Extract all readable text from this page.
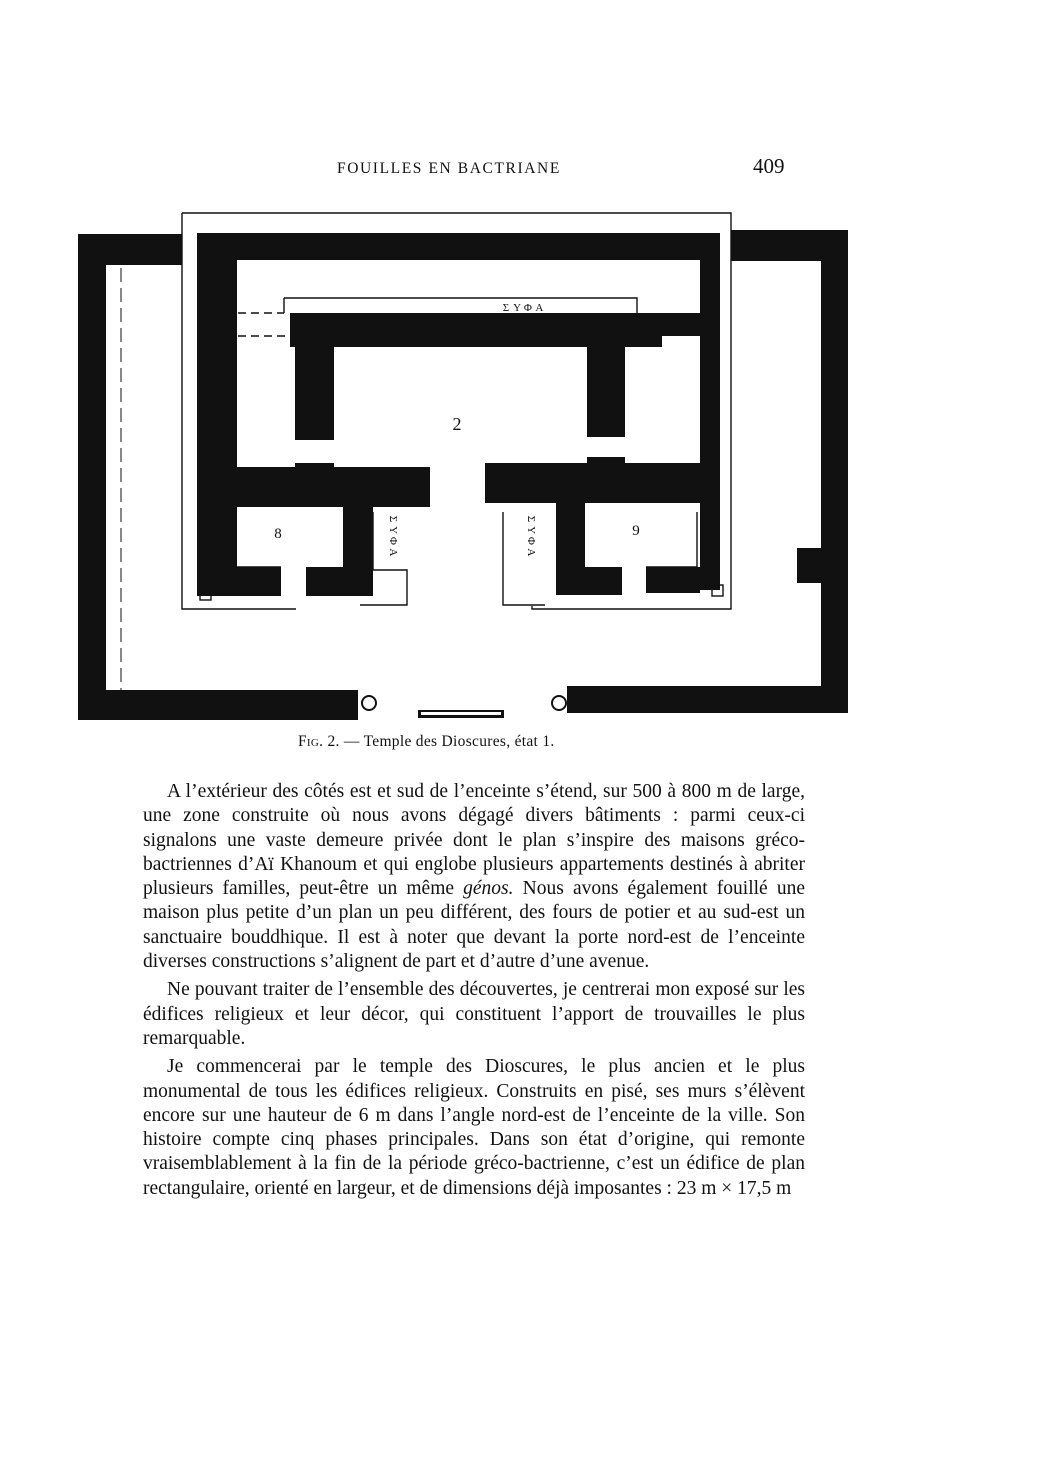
FOUILLES EN BACTRIANE	409
2
8	9
ΣΥΦΑ
ΣΥΦΑ	ΣΥΦΑ
Fig. 2. — Temple des Dioscures, état 1.

A l’extérieur des côtés est et sud de l’enceinte s’étend, sur 500 à 800 m de large, une zone construite où nous avons dégagé divers bâtiments : parmi ceux-ci signalons une vaste demeure privée dont le plan s’inspire des maisons gréco-bactriennes d’Aï Khanoum et qui englobe plusieurs appartements destinés à abriter plusieurs familles, peut-être un même génos. Nous avons également fouillé une maison plus petite d’un plan un peu différent, des fours de potier et au sud-est un sanctuaire bouddhique. Il est à noter que devant la porte nord-est de l’enceinte diverses constructions s’alignent de part et d’autre d’une avenue.

Ne pouvant traiter de l’ensemble des découvertes, je centrerai mon exposé sur les édifices religieux et leur décor, qui constituent l’apport de trouvailles le plus remarquable.

Je commencerai par le temple des Dioscures, le plus ancien et le plus monumental de tous les édifices religieux. Construits en pisé, ses murs s’élèvent encore sur une hauteur de 6 m dans l’angle nord-est de l’enceinte de la ville. Son histoire compte cinq phases principales. Dans son état d’origine, qui remonte vraisemblablement à la fin de la période gréco-bactrienne, c’est un édifice de plan rectangulaire, orienté en largeur, et de dimensions déjà imposantes : 23 m × 17,5 m
